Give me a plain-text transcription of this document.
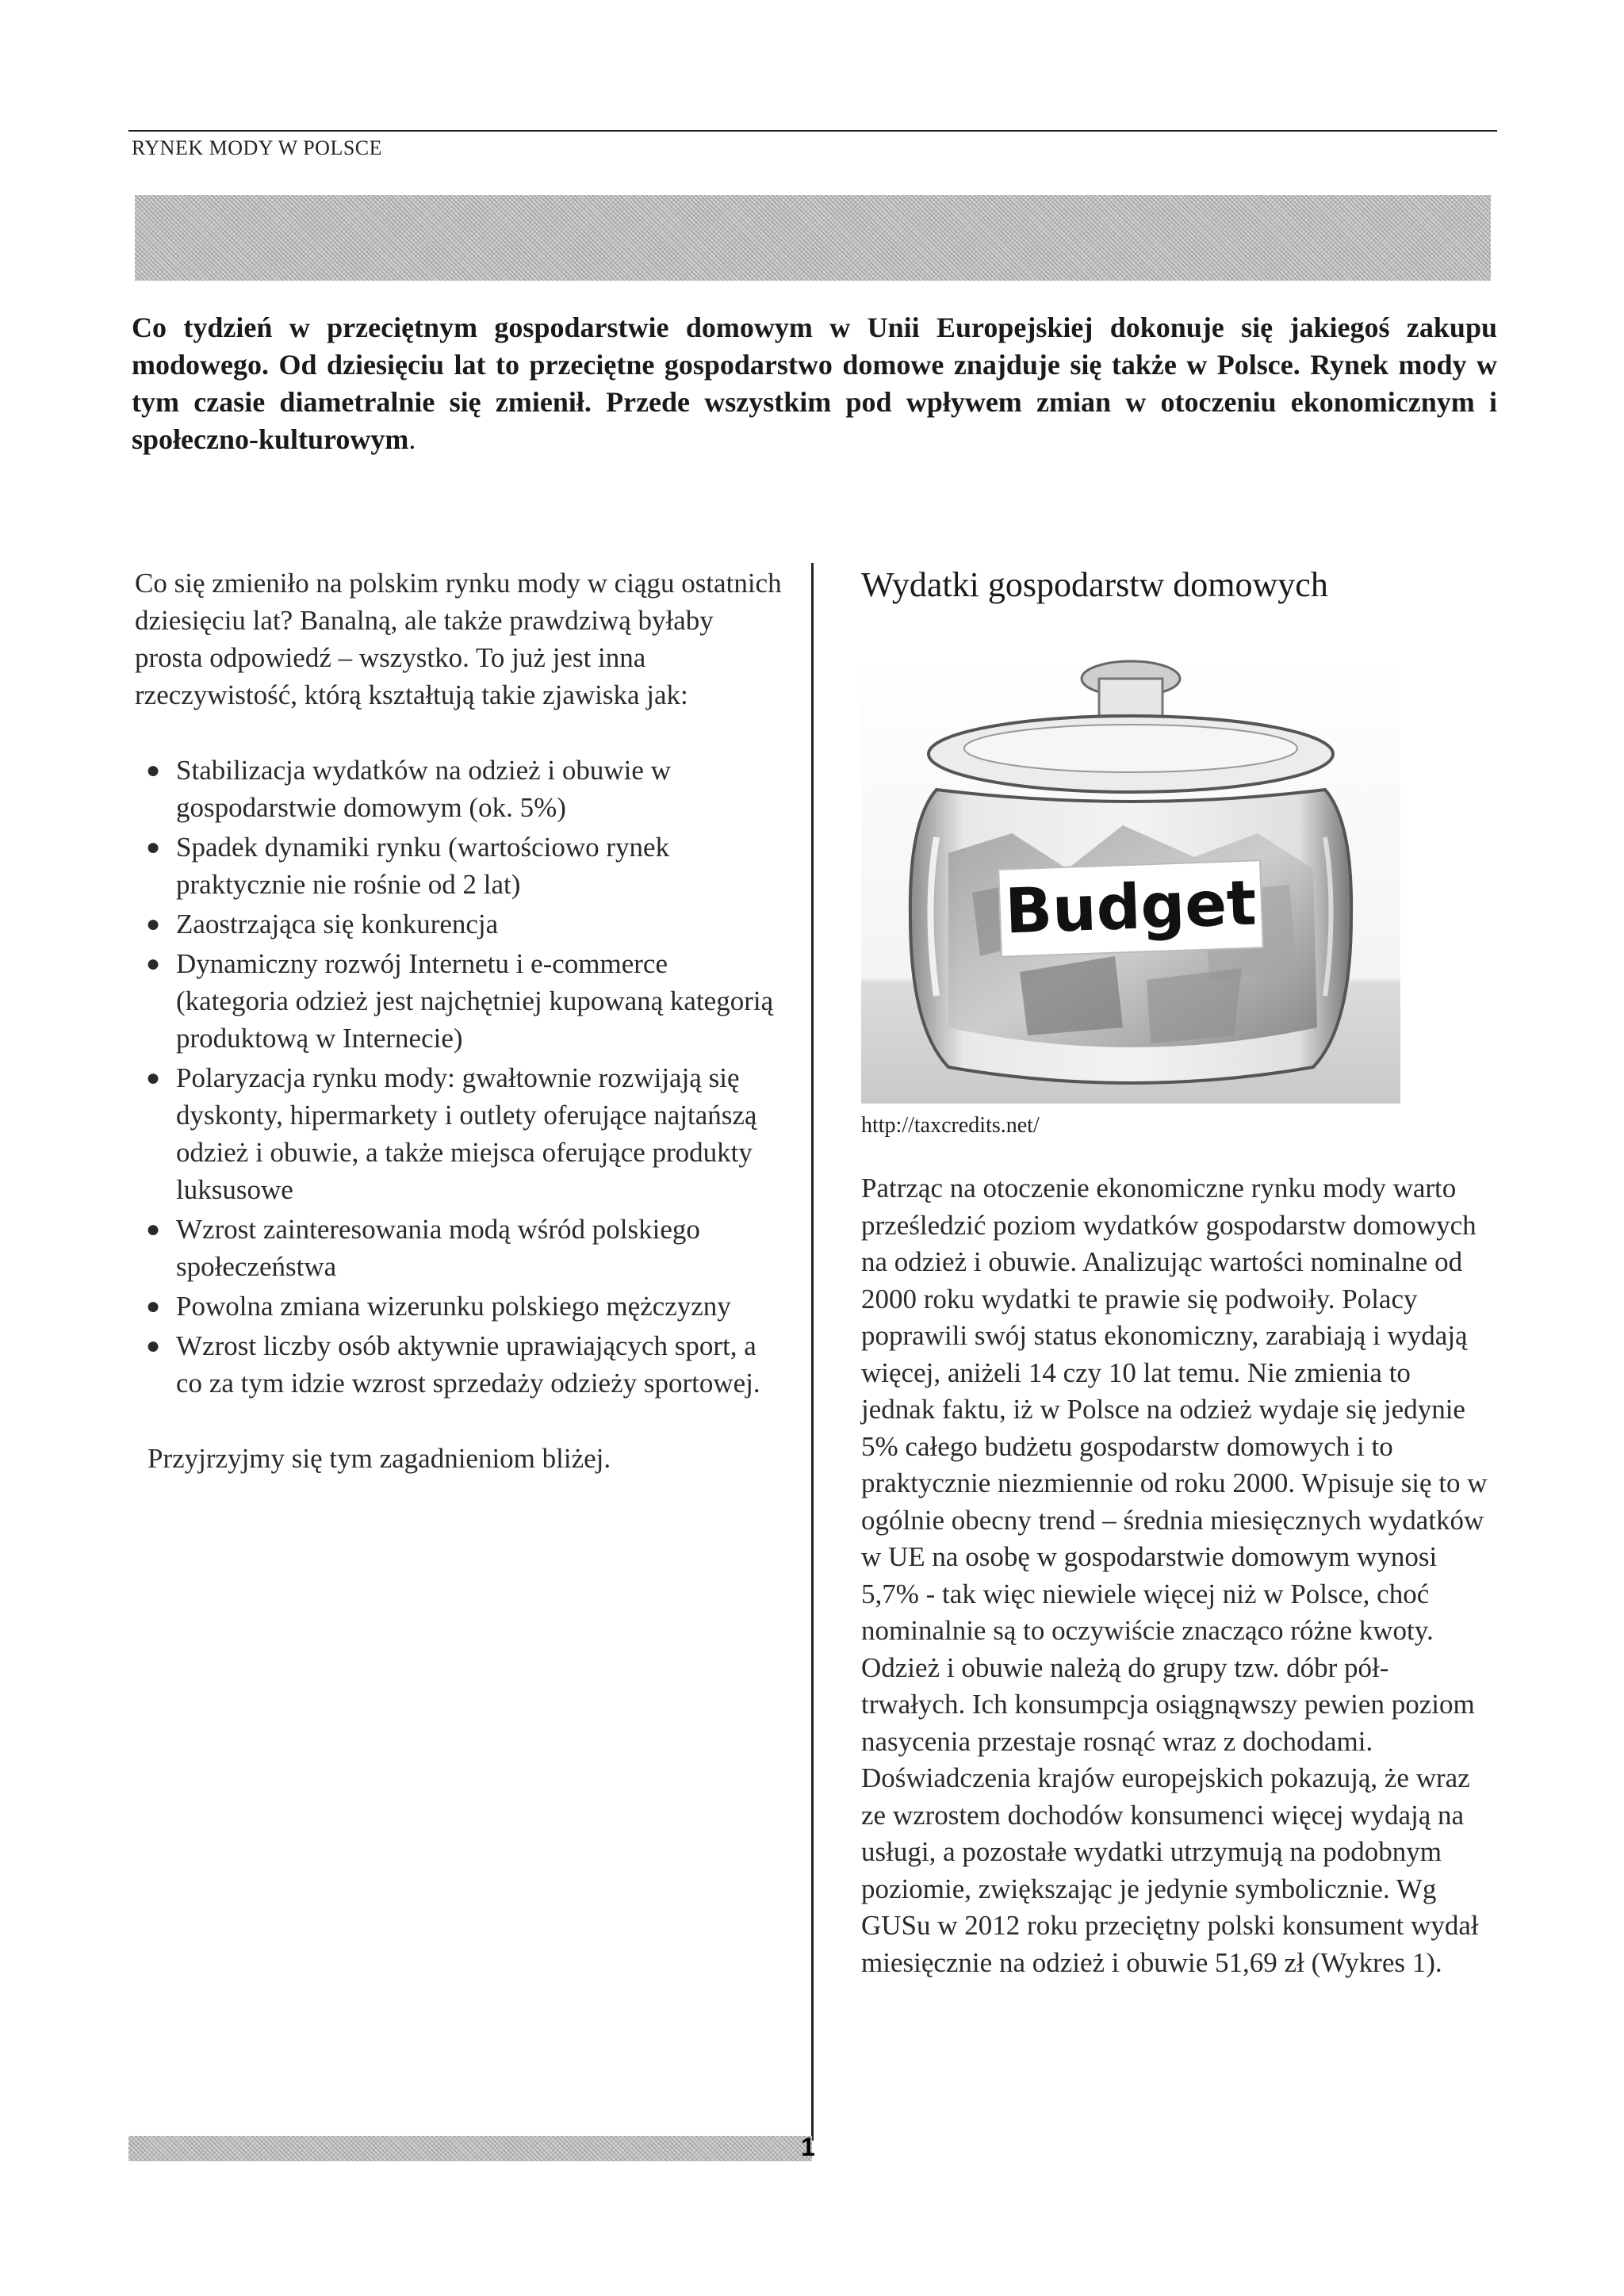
RYNEK MODY W POLSCE
Co tydzień w przeciętnym gospodarstwie domowym w Unii Europejskiej dokonuje się jakiegoś zakupu modowego. Od dziesięciu lat to przeciętne gospodarstwo domowe znajduje się także w Polsce. Rynek mody w tym czasie diametralnie się zmienił. Przede wszystkim pod wpływem zmian w otoczeniu ekonomicznym i społeczno-kulturowym.

Co się zmieniło na polskim rynku mody w ciągu ostatnich dziesięciu lat? Banalną, ale także prawdziwą byłaby prosta odpowiedź – wszystko. To już jest inna rzeczywistość, którą kształtują takie zjawiska jak:

● Stabilizacja wydatków na odzież i obuwie w gospodarstwie domowym (ok. 5%)
● Spadek dynamiki rynku (wartościowo rynek praktycznie nie rośnie od 2 lat)
● Zaostrzająca się konkurencja
● Dynamiczny rozwój Internetu i e-commerce (kategoria odzież jest najchętniej kupowaną kategorią produktową w Internecie)
● Polaryzacja rynku mody: gwałtownie rozwijają się dyskonty, hipermarkety i outlety oferujące najtańszą odzież i obuwie, a także miejsca oferujące produkty luksusowe
● Wzrost zainteresowania modą wśród polskiego społeczeństwa
● Powolna zmiana wizerunku polskiego mężczyzny
● Wzrost liczby osób aktywnie uprawiających sport, a co za tym idzie wzrost sprzedaży odzieży sportowej.

Przyjrzyjmy się tym zagadnieniom bliżej.

Wydatki gospodarstw domowych
Budget
http://taxcredits.net/

Patrząc na otoczenie ekonomiczne rynku mody warto prześledzić poziom wydatków gospodarstw domowych na odzież i obuwie. Analizując wartości nominalne od 2000 roku wydatki te prawie się podwoiły. Polacy poprawili swój status ekonomiczny, zarabiają i wydają więcej, aniżeli 14 czy 10 lat temu. Nie zmienia to jednak faktu, iż w Polsce na odzież wydaje się jedynie 5% całego budżetu gospodarstw domowych i to praktycznie niezmiennie od roku 2000. Wpisuje się to w ogólnie obecny trend – średnia miesięcznych wydatków w UE na osobę w gospodarstwie domowym wynosi 5,7% - tak więc niewiele więcej niż w Polsce, choć nominalnie są to oczywiście znacząco różne kwoty. Odzież i obuwie należą do grupy tzw. dóbr pół-trwałych. Ich konsumpcja osiągnąwszy pewien poziom nasycenia przestaje rosnąć wraz z dochodami. Doświadczenia krajów europejskich pokazują, że wraz ze wzrostem dochodów konsumenci więcej wydają na usługi, a pozostałe wydatki utrzymują na podobnym poziomie, zwiększając je jedynie symbolicznie. Wg GUSu w 2012 roku przeciętny polski konsument wydał miesięcznie na odzież i obuwie 51,69 zł (Wykres 1).

1
